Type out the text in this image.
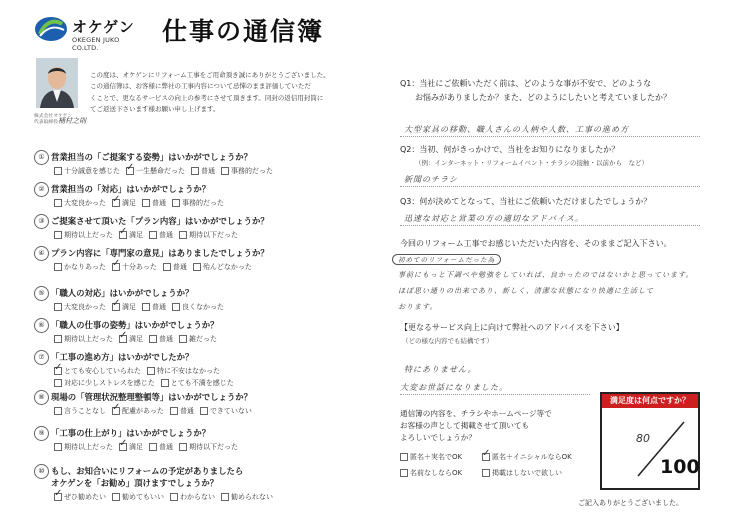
オケゲン
OKEGEN JUKO CO.LTD.
仕事の通信簿
株式会社オケゲン
代表取締役 桶村之則
この度は、オケゲンにリフォーム工事をご用命頂き誠にありがとうございました。
この通信簿は、お客様に弊社の工事内容について忌憚のまま評価していただ
くことで、更なるサービスの向上の参考にさせて頂きます。同封の返信用封筒に
てご返送下さいます様お願い申し上げます。
① 営業担当の「ご提案する姿勢」はいかがでしょうか？
十分誠意を感じた ✓ 一生懸命だった 普通 事務的だった
② 営業担当の「対応」はいかがでしょうか？
大変良かった ✓ 満足 普通 事務的だった
③ ご提案させて頂いた「プラン内容」はいかがでしょうか？
期待以上だった ✓ 満足 普通 期待以下だった
④ プラン内容に「専門家の意見」はありましたでしょうか？
かなりあった ✓ 十分あった 普通 殆んどなかった
⑤ 「職人の対応」はいかがでしょうか？
大変良かった ✓ 満足 普通 良くなかった
⑥ 「職人の仕事の姿勢」はいかがでしょうか？
期待以上だった ✓ 満足 普通 雑だった
⑦ 「工事の進め方」はいかがでしたか？
✓ とても安心していられた 特に不安はなかった
対応に少しストレスを感じた とても不満を感じた
⑧ 現場の「管理状況整理整頓等」はいかがでしょうか？
言うことなし ✓ 配慮があった 普通 できていない
⑨ 「工事の仕上がり」はいかがでしょうか？
期待以上だった ✓ 満足 普通 期待以下だった
⑩ もし、お知合いにリフォームの予定がありましたら
オケゲンを「お勧め」頂けますでしょうか？
✓ ぜひ勧めたい 勧めてもいい わからない 勧められない
Q1：当社にご依頼いただく前は、どのような事が不安で、どのような
お悩みがありましたか？また、どのようにしたいと考えていましたか？
大型家具の移動、職人さんの人柄や人数、工事の進め方
Q2：当初、何がきっかけで、当社をお知りになりましたか？
（例：インターネット・リフォームイベント・チラシの接触・以前から　など）
新聞のチラシ
Q3：何が決めてとなって、当社にご依頼いただけましたでしょうか？
迅速な対応と営業の方の適切なアドバイス。
今回のリフォーム工事でお感じいただいた内容を、そのままご記入下さい。
初めてのリフォームだった為
事前にもっと下調べや勉強をしていれば、良かったのではないかと思っています。
ほぼ思い通りの出来であり、新しく、清潔な状態になり快適に生活して
おります。
【更なるサービス向上に向けて弊社へのアドバイスを下さい】
（どの様な内容でも結構です）
特にありません。
大変お世話になりました。
通信簿の内容を、チラシやホームページ等で
お客様の声として掲載させて頂いても
よろしいでしょうか？
匿名＋実名でOK ✓ 匿名＋イニシャルならOK
名前なしならOK	掲載はしないで欲しい
満足度は何点ですか？
80
100
ご記入ありがとうございました。
